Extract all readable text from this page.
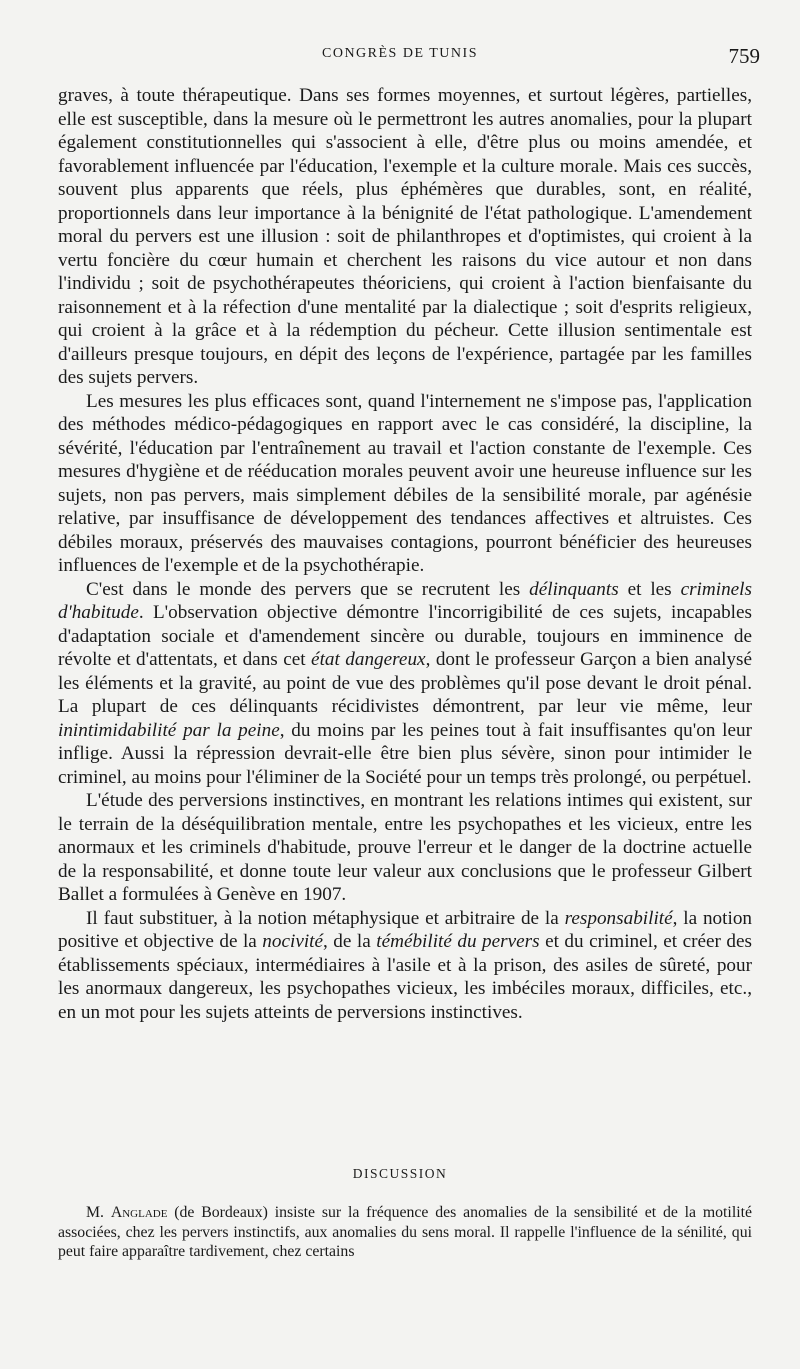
CONGRÈS DE TUNIS	759

graves, à toute thérapeutique. Dans ses formes moyennes, et surtout légères, partielles, elle est susceptible, dans la mesure où le permettront les autres anomalies, pour la plupart également constitutionnelles qui s'associent à elle, d'être plus ou moins amendée, et favorablement influencée par l'éducation, l'exemple et la culture morale. Mais ces succès, souvent plus apparents que réels, plus éphémères que durables, sont, en réalité, proportionnels dans leur importance à la bénignité de l'état pathologique. L'amendement moral du pervers est une illusion : soit de philanthropes et d'optimistes, qui croient à la vertu foncière du cœur humain et cherchent les raisons du vice autour et non dans l'individu ; soit de psychothérapeutes théoriciens, qui croient à l'action bienfaisante du raisonnement et à la réfection d'une mentalité par la dialectique ; soit d'esprits religieux, qui croient à la grâce et à la rédemption du pécheur. Cette illusion sentimentale est d'ailleurs presque toujours, en dépit des leçons de l'expérience, partagée par les familles des sujets pervers.

Les mesures les plus efficaces sont, quand l'internement ne s'impose pas, l'application des méthodes médico-pédagogiques en rapport avec le cas considéré, la discipline, la sévérité, l'éducation par l'entraînement au travail et l'action constante de l'exemple. Ces mesures d'hygiène et de rééducation morales peuvent avoir une heureuse influence sur les sujets, non pas pervers, mais simplement débiles de la sensibilité morale, par agénésie relative, par insuffisance de développement des tendances affectives et altruistes. Ces débiles moraux, préservés des mauvaises contagions, pourront bénéficier des heureuses influences de l'exemple et de la psychothérapie.

C'est dans le monde des pervers que se recrutent les délinquants et les criminels d'habitude. L'observation objective démontre l'incorrigibilité de ces sujets, incapables d'adaptation sociale et d'amendement sincère ou durable, toujours en imminence de révolte et d'attentats, et dans cet état dangereux, dont le professeur Garçon a bien analysé les éléments et la gravité, au point de vue des problèmes qu'il pose devant le droit pénal. La plupart de ces délinquants récidivistes démontrent, par leur vie même, leur inintimidabilité par la peine, du moins par les peines tout à fait insuffisantes qu'on leur inflige. Aussi la répression devrait-elle être bien plus sévère, sinon pour intimider le criminel, au moins pour l'éliminer de la Société pour un temps très prolongé, ou perpétuel.

L'étude des perversions instinctives, en montrant les relations intimes qui existent, sur le terrain de la déséquilibration mentale, entre les psychopathes et les vicieux, entre les anormaux et les criminels d'habitude, prouve l'erreur et le danger de la doctrine actuelle de la responsabilité, et donne toute leur valeur aux conclusions que le professeur Gilbert Ballet a formulées à Genève en 1907.

Il faut substituer, à la notion métaphysique et arbitraire de la responsabilité, la notion positive et objective de la nocivité, de la témébilité du pervers et du criminel, et créer des établissements spéciaux, intermédiaires à l'asile et à la prison, des asiles de sûreté, pour les anormaux dangereux, les psychopathes vicieux, les imbéciles moraux, difficiles, etc., en un mot pour les sujets atteints de perversions instinctives.

DISCUSSION

M. Anglade (de Bordeaux) insiste sur la fréquence des anomalies de la sensibilité et de la motilité associées, chez les pervers instinctifs, aux anomalies du sens moral. Il rappelle l'influence de la sénilité, qui peut faire apparaître tardivement, chez certains
